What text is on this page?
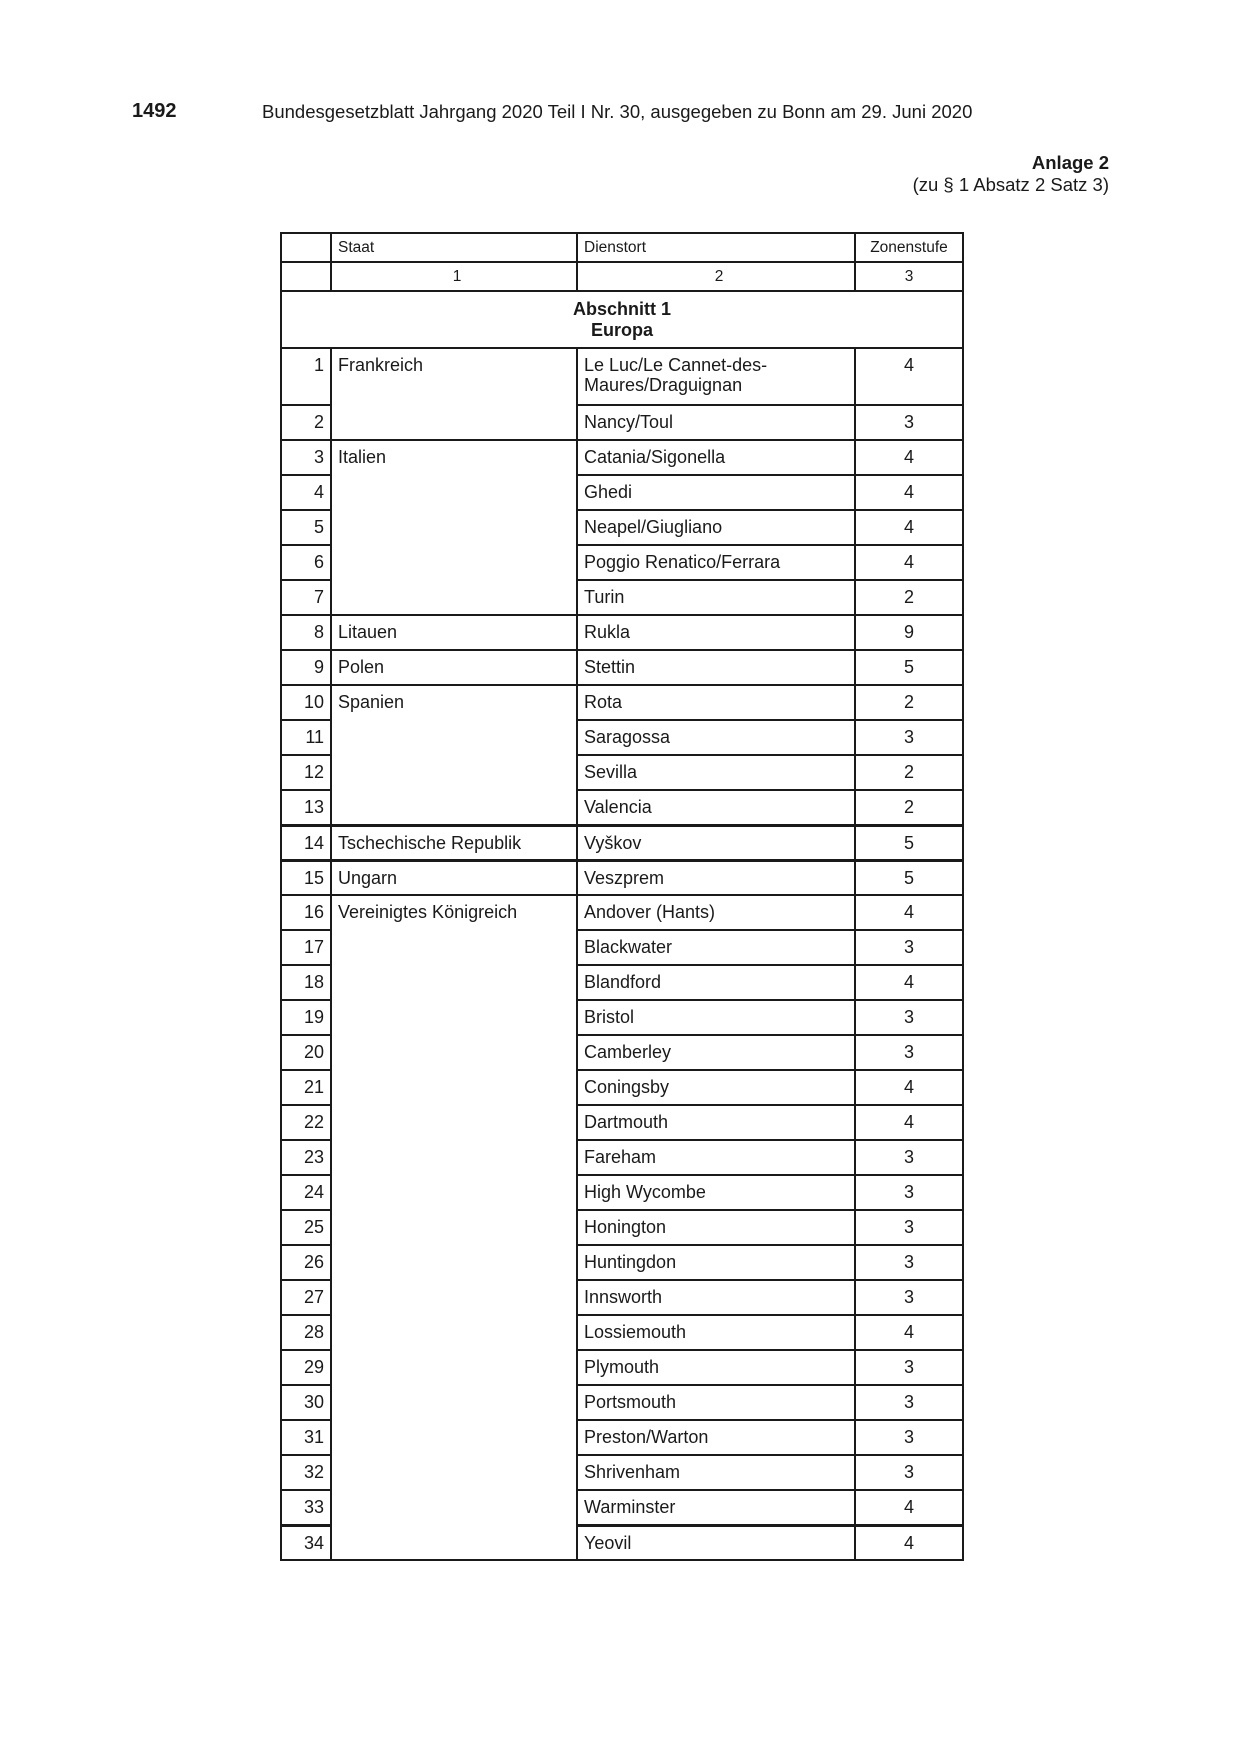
1492	Bundesgesetzblatt Jahrgang 2020 Teil I Nr. 30, ausgegeben zu Bonn am 29. Juni 2020
Anlage 2
(zu § 1 Absatz 2 Satz 3)
	Staat	Dienstort	Zonenstufe
	1	2	3

Abschnitt 1
Europa			

1	Frankreich	Le Luc/Le Cannet-des-Maures/Draguignan	4
2		Nancy/Toul	3
3	Italien	Catania/Sigonella	4
4		Ghedi	4
5		Neapel/Giugliano	4
6		Poggio Renatico/Ferrara	4
7		Turin	2
8	Litauen	Rukla	9
9	Polen	Stettin	5
10	Spanien	Rota	2
11		Saragossa	3
12		Sevilla	2
13		Valencia	2
14	Tschechische Republik	Vyškov	5
15	Ungarn	Veszprem	5
16	Vereinigtes Königreich	Andover (Hants)	4
17		Blackwater	3
18		Blandford	4
19		Bristol	3
20		Camberley	3
21		Coningsby	4
22		Dartmouth	4
23		Fareham	3
24		High Wycombe	3
25		Honington	3
26		Huntingdon	3
27		Innsworth	3
28		Lossiemouth	4
29		Plymouth	3
30		Portsmouth	3
31		Preston/Warton	3
32		Shrivenham	3
33		Warminster	4
34		Yeovil	4
